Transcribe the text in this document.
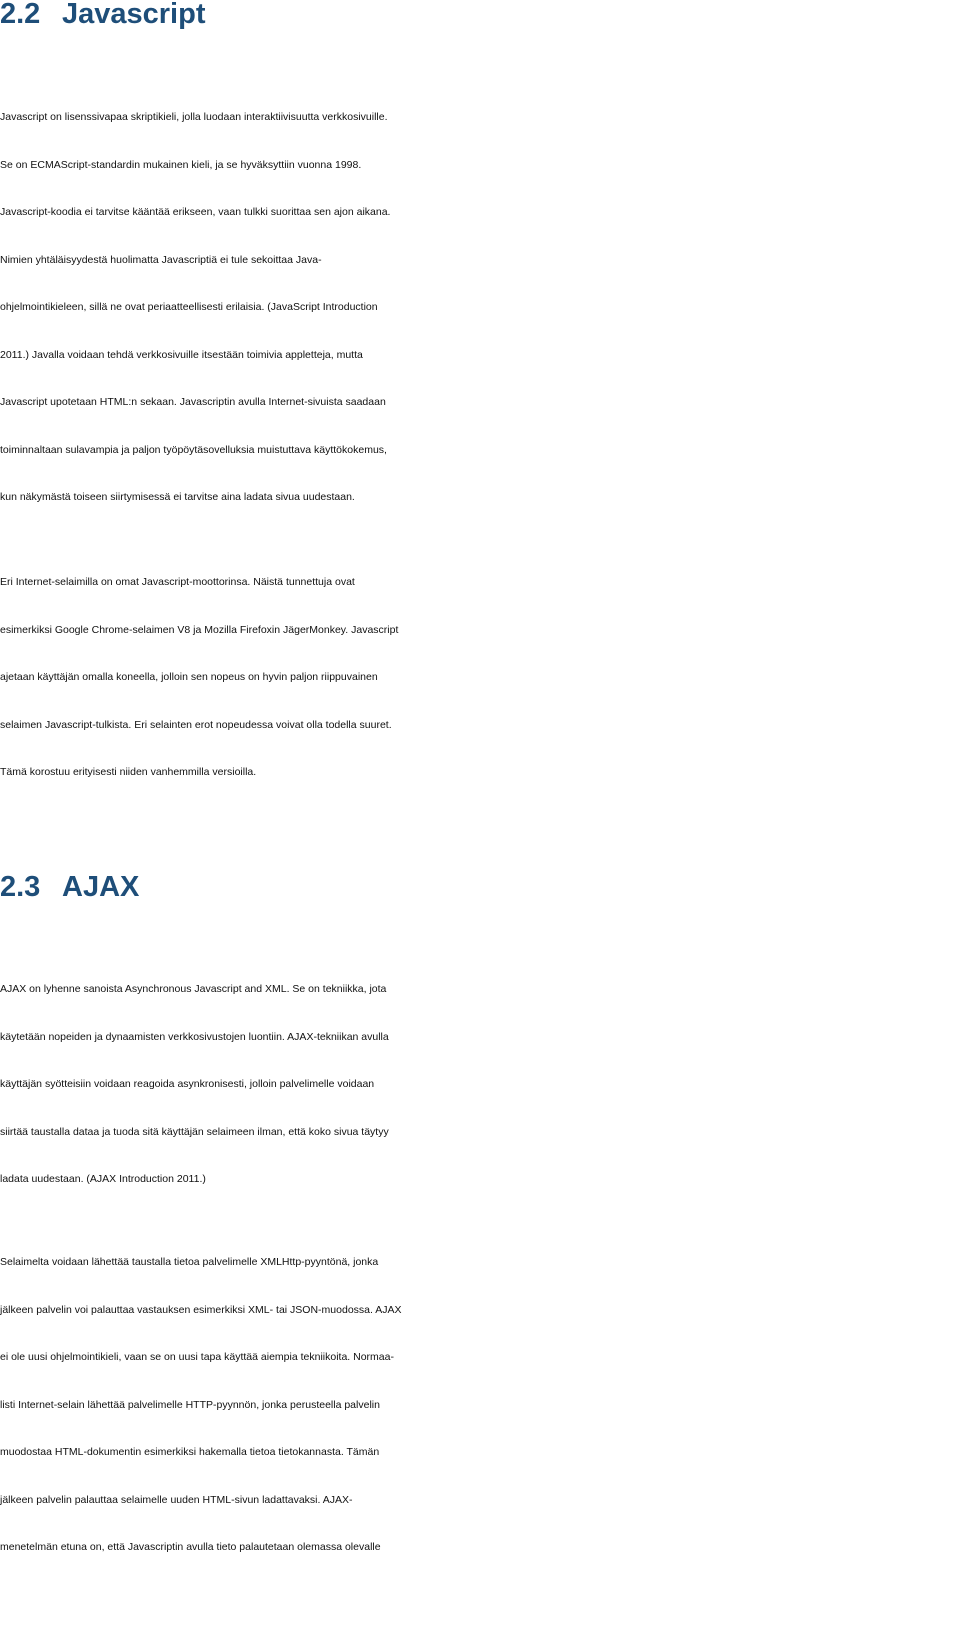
2.2 Javascript
Javascript on lisenssivapaa skriptikieli, jolla luodaan interaktiivisuutta verkkosivuille.
Se on ECMAScript-standardin mukainen kieli, ja se hyväksyttiin vuonna 1998.
Javascript-koodia ei tarvitse kääntää erikseen, vaan tulkki suorittaa sen ajon aikana.
Nimien yhtäläisyydestä huolimatta Javascriptiä ei tule sekoittaa Java-
ohjelmointikieleen, sillä ne ovat periaatteellisesti erilaisia. (JavaScript Introduction
2011.) Javalla voidaan tehdä verkkosivuille itsestään toimivia appletteja, mutta
Javascript upotetaan HTML:n sekaan. Javascriptin avulla Internet-sivuista saadaan
toiminnaltaan sulavampia ja paljon työpöytäsovelluksia muistuttava käyttökokemus,
kun näkymästä toiseen siirtymisessä ei tarvitse aina ladata sivua uudestaan.
Eri Internet-selaimilla on omat Javascript-moottorinsa. Näistä tunnettuja ovat
esimerkiksi Google Chrome-selaimen V8 ja Mozilla Firefoxin JägerMonkey. Javascript
ajetaan käyttäjän omalla koneella, jolloin sen nopeus on hyvin paljon riippuvainen
selaimen Javascript-tulkista. Eri selainten erot nopeudessa voivat olla todella suuret.
Tämä korostuu erityisesti niiden vanhemmilla versioilla.
2.3 AJAX
AJAX on lyhenne sanoista Asynchronous Javascript and XML. Se on tekniikka, jota
käytetään nopeiden ja dynaamisten verkkosivustojen luontiin. AJAX-tekniikan avulla
käyttäjän syötteisiin voidaan reagoida asynkronisesti, jolloin palvelimelle voidaan
siirtää taustalla dataa ja tuoda sitä käyttäjän selaimeen ilman, että koko sivua täytyy
ladata uudestaan. (AJAX Introduction 2011.)
Selaimelta voidaan lähettää taustalla tietoa palvelimelle XMLHttp-pyyntönä, jonka
jälkeen palvelin voi palauttaa vastauksen esimerkiksi XML- tai JSON-muodossa. AJAX
ei ole uusi ohjelmointikieli, vaan se on uusi tapa käyttää aiempia tekniikoita. Normaa-
listi Internet-selain lähettää palvelimelle HTTP-pyynnön, jonka perusteella palvelin
muodostaa HTML-dokumentin esimerkiksi hakemalla tietoa tietokannasta. Tämän
jälkeen palvelin palauttaa selaimelle uuden HTML-sivun ladattavaksi. AJAX-
menetelmän etuna on, että Javascriptin avulla tieto palautetaan olemassa olevalle
